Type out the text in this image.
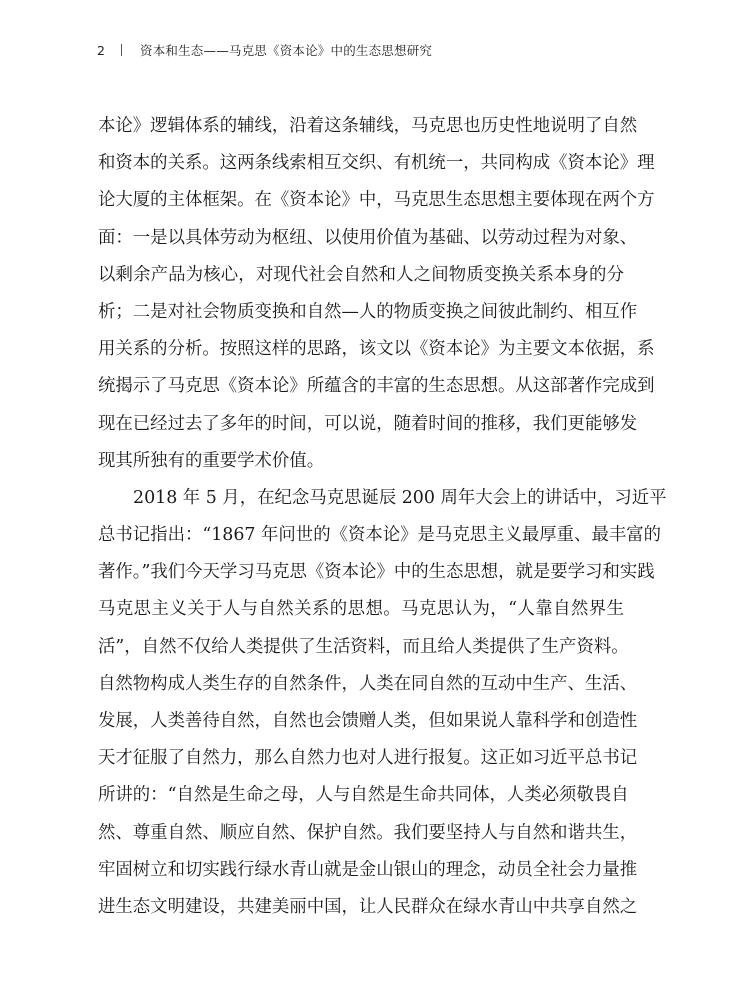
2	资本和生态——马克思《资本论》中的生态思想研究
本论》逻辑体系的辅线，沿着这条辅线，马克思也历史性地说明了自然
和资本的关系。这两条线索相互交织、有机统一，共同构成《资本论》理
论大厦的主体框架。在《资本论》中，马克思生态思想主要体现在两个方
面：一是以具体劳动为枢纽、以使用价值为基础、以劳动过程为对象、
以剩余产品为核心，对现代社会自然和人之间物质变换关系本身的分
析；二是对社会物质变换和自然—人的物质变换之间彼此制约、相互作
用关系的分析。按照这样的思路，该文以《资本论》为主要文本依据，系
统揭示了马克思《资本论》所蕴含的丰富的生态思想。从这部著作完成到
现在已经过去了多年的时间，可以说，随着时间的推移，我们更能够发
现其所独有的重要学术价值。
2018 年 5 月，在纪念马克思诞辰 200 周年大会上的讲话中，习近平
总书记指出：“1867 年问世的《资本论》是马克思主义最厚重、最丰富的
著作。”我们今天学习马克思《资本论》中的生态思想，就是要学习和实践
马克思主义关于人与自然关系的思想。马克思认为，“人靠自然界生
活”，自然不仅给人类提供了生活资料，而且给人类提供了生产资料。
自然物构成人类生存的自然条件，人类在同自然的互动中生产、生活、
发展，人类善待自然，自然也会馈赠人类，但如果说人靠科学和创造性
天才征服了自然力，那么自然力也对人进行报复。这正如习近平总书记
所讲的：“自然是生命之母，人与自然是生命共同体，人类必须敬畏自
然、尊重自然、顺应自然、保护自然。我们要坚持人与自然和谐共生，
牢固树立和切实践行绿水青山就是金山银山的理念，动员全社会力量推
进生态文明建设，共建美丽中国，让人民群众在绿水青山中共享自然之
